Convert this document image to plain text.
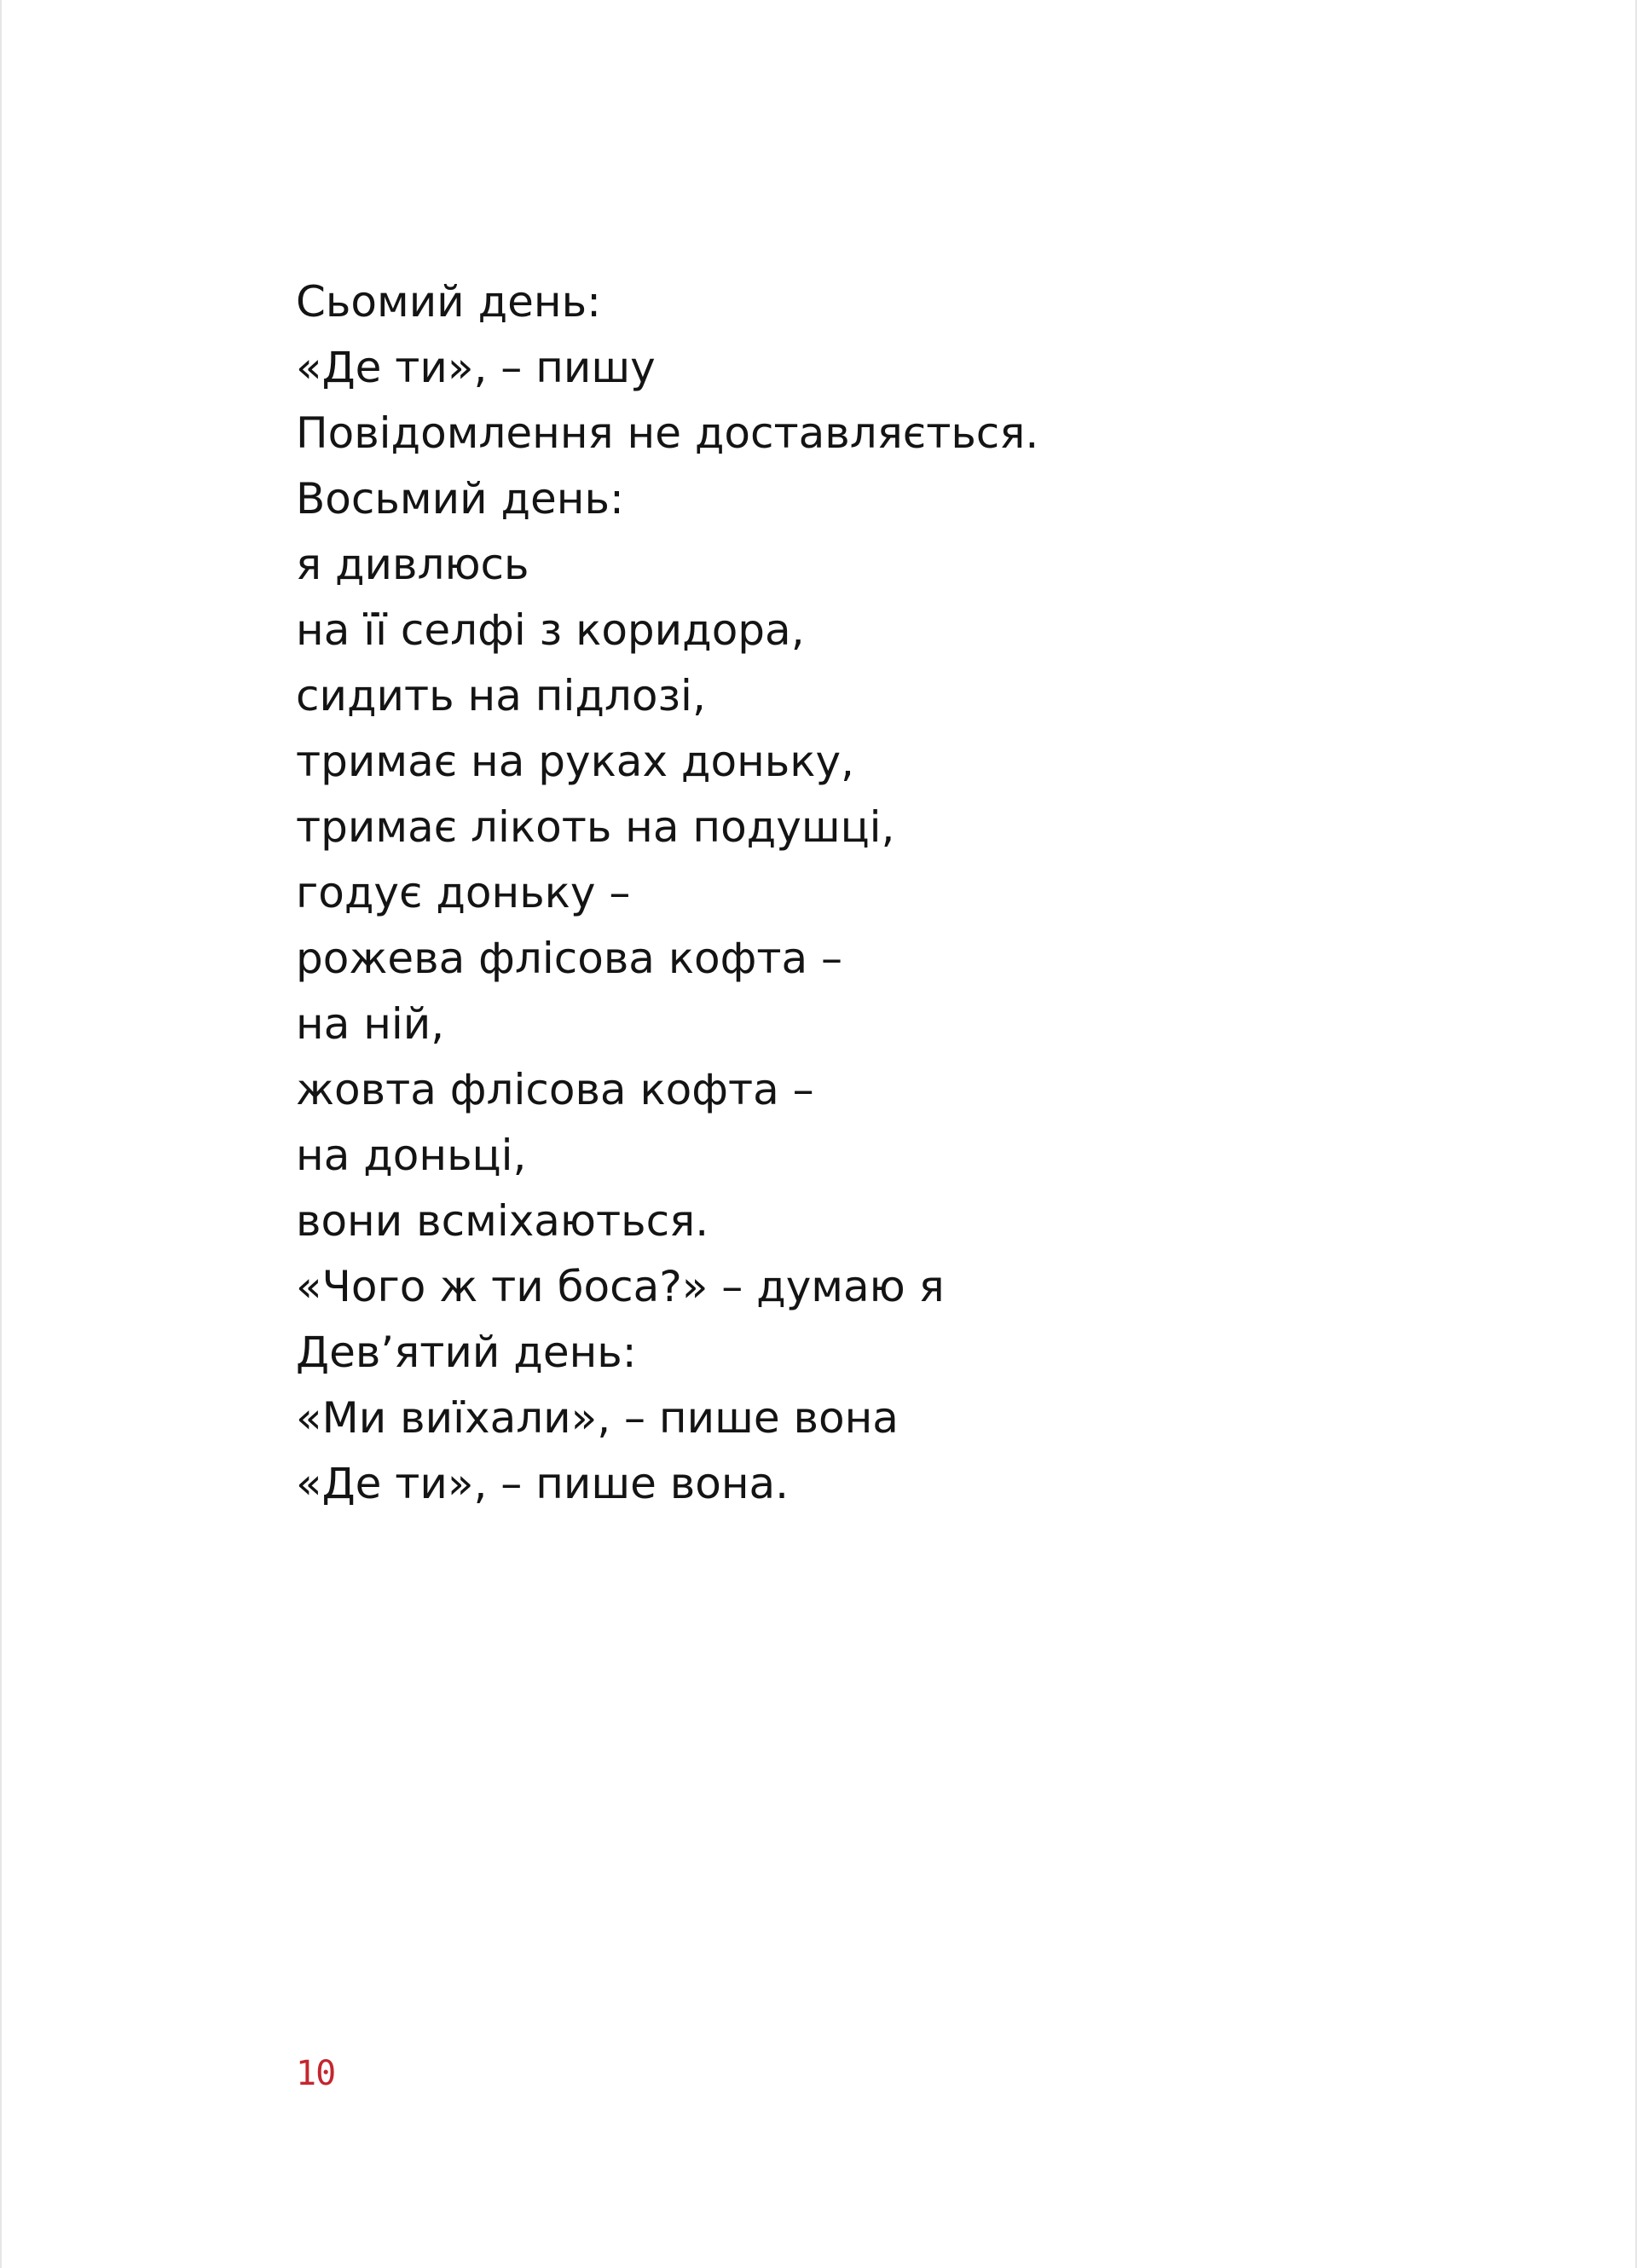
Сьомий день:
«Де ти», – пишу
Повідомлення не доставляється.
Восьмий день:
я дивлюсь
на її селфі з коридора,
сидить на підлозі,
тримає на руках доньку,
тримає лікоть на подушці,
годує доньку –
рожева флісова кофта –
на ній,
жовта флісова кофта –
на доньці,
вони всміхаються.
«Чого ж ти боса?» – думаю я
Дев’ятий день:
«Ми виїхали», – пише вона
«Де ти», – пише вона.
10
